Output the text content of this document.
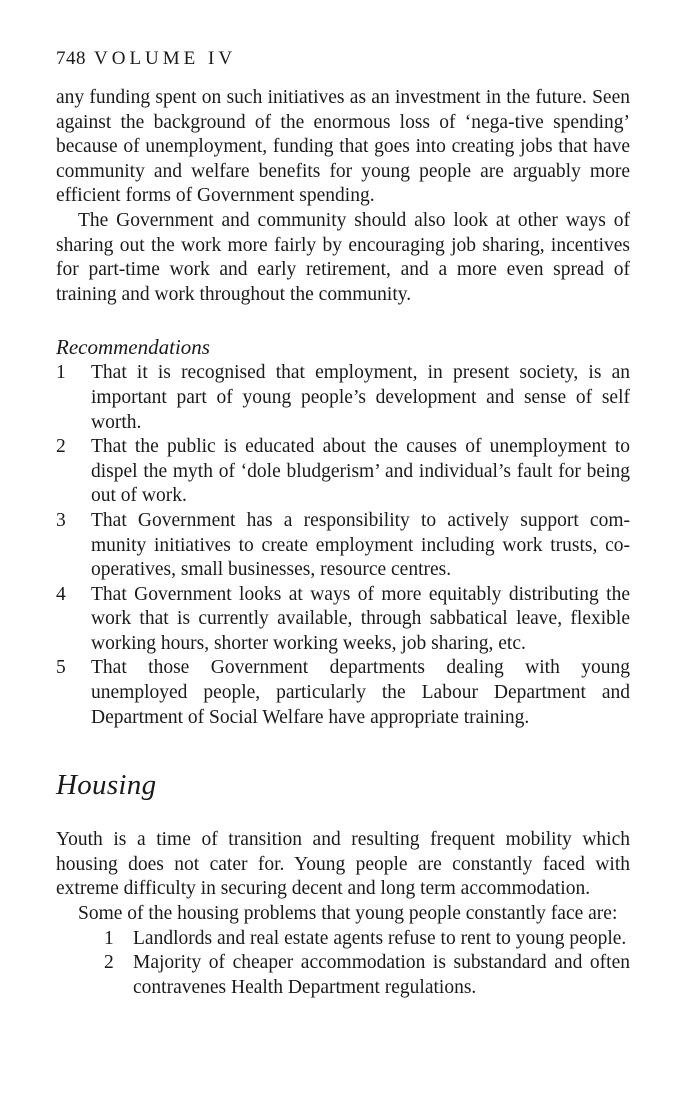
748 VOLUME IV

any funding spent on such initiatives as an investment in the future. Seen against the background of the enormous loss of ‘nega-tive spending’ because of unemployment, funding that goes into creating jobs that have community and welfare benefits for young people are arguably more efficient forms of Government spending.

The Government and community should also look at other ways of sharing out the work more fairly by encouraging job sharing, incentives for part-time work and early retirement, and a more even spread of training and work throughout the community.

Recommendations
1 That it is recognised that employment, in present society, is an important part of young people’s development and sense of self worth.
2 That the public is educated about the causes of unemployment to dispel the myth of ‘dole bludgerism’ and individual’s fault for being out of work.
3 That Government has a responsibility to actively support com-munity initiatives to create employment including work trusts, co-operatives, small businesses, resource centres.
4 That Government looks at ways of more equitably distributing the work that is currently available, through sabbatical leave, flexible working hours, shorter working weeks, job sharing, etc.
5 That those Government departments dealing with young unemployed people, particularly the Labour Department and Department of Social Welfare have appropriate training.
Housing

Youth is a time of transition and resulting frequent mobility which housing does not cater for. Young people are constantly faced with extreme difficulty in securing decent and long term accommodation.

Some of the housing problems that young people constantly face are:

1 Landlords and real estate agents refuse to rent to young people.
2 Majority of cheaper accommodation is substandard and often contravenes Health Department regulations.
